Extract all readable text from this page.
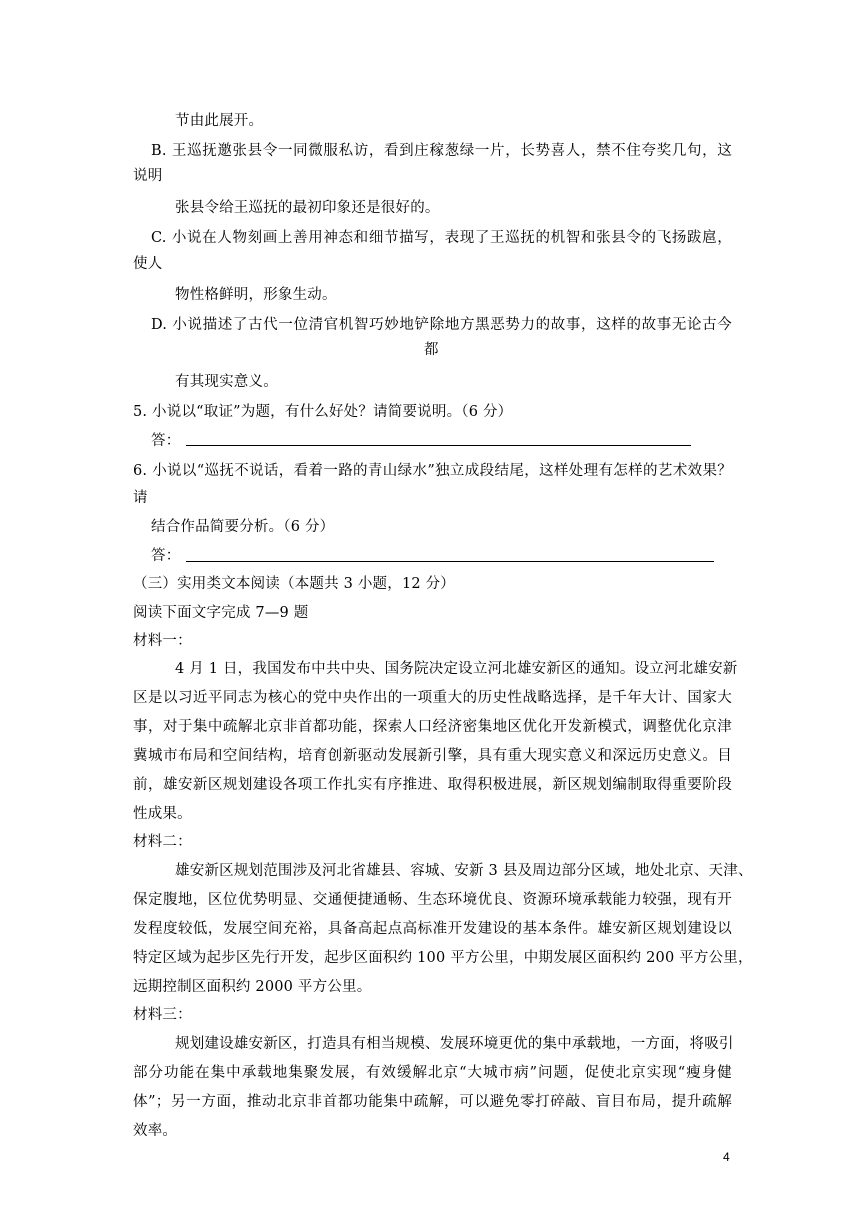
节由此展开。
B. 王巡抚邀张县令一同微服私访，看到庄稼葱绿一片，长势喜人，禁不住夸奖几句，这
说明
张县令给王巡抚的最初印象还是很好的。
C. 小说在人物刻画上善用神态和细节描写，表现了王巡抚的机智和张县令的飞扬跋扈，
使人
物性格鲜明，形象生动。
D. 小说描述了古代一位清官机智巧妙地铲除地方黑恶势力的故事，这样的故事无论古今
都
有其现实意义。
5. 小说以“取证”为题，有什么好处？请简要说明。（6 分）
答：
6. 小说以“巡抚不说话，看着一路的青山绿水”独立成段结尾，这样处理有怎样的艺术效果？
请
结合作品简要分析。（6 分）
答：
（三）实用类文本阅读（本题共 3 小题，12 分）
阅读下面文字完成 7—9 题
材料一：
4 月 1 日，我国发布中共中央、国务院决定设立河北雄安新区的通知。设立河北雄安新
区是以习近平同志为核心的党中央作出的一项重大的历史性战略选择，是千年大计、国家大
事，对于集中疏解北京非首都功能，探索人口经济密集地区优化开发新模式，调整优化京津
冀城市布局和空间结构，培育创新驱动发展新引擎，具有重大现实意义和深远历史意义。目
前，雄安新区规划建设各项工作扎实有序推进、取得积极进展，新区规划编制取得重要阶段
性成果。
材料二：
雄安新区规划范围涉及河北省雄县、容城、安新 3 县及周边部分区域，地处北京、天津、
保定腹地，区位优势明显、交通便捷通畅、生态环境优良、资源环境承载能力较强，现有开
发程度较低，发展空间充裕，具备高起点高标准开发建设的基本条件。雄安新区规划建设以
特定区域为起步区先行开发，起步区面积约 100 平方公里，中期发展区面积约 200 平方公里，
远期控制区面积约 2000 平方公里。
材料三：
规划建设雄安新区，打造具有相当规模、发展环境更优的集中承载地，一方面，将吸引
部分功能在集中承载地集聚发展，有效缓解北京“大城市病”问题，促使北京实现“瘦身健
体”；另一方面，推动北京非首都功能集中疏解，可以避免零打碎敲、盲目布局，提升疏解
效率。
4
